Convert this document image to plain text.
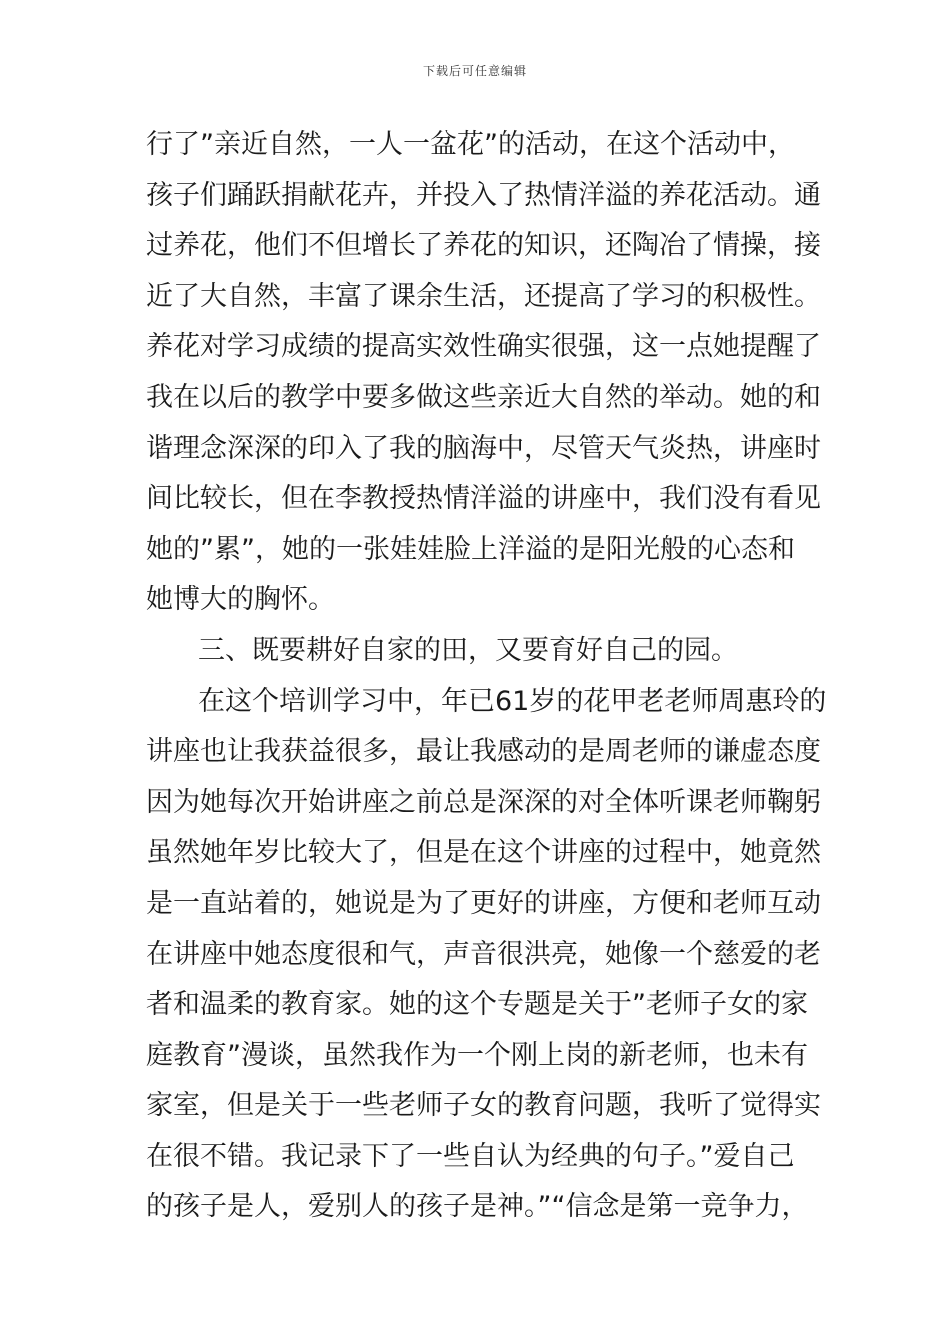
下载后可任意编辑
行了”亲近自然，一人一盆花”的活动，在这个活动中，
孩子们踊跃捐献花卉，并投入了热情洋溢的养花活动。通
过养花，他们不但增长了养花的知识，还陶冶了情操，接
近了大自然，丰富了课余生活，还提高了学习的积极性。
养花对学习成绩的提高实效性确实很强，这一点她提醒了
我在以后的教学中要多做这些亲近大自然的举动。她的和
谐理念深深的印入了我的脑海中，尽管天气炎热，讲座时
间比较长，但在李教授热情洋溢的讲座中，我们没有看见
她的”累”，她的一张娃娃脸上洋溢的是阳光般的心态和
她博大的胸怀。
三、既要耕好自家的田，又要育好自己的园。
在这个培训学习中，年已61岁的花甲老老师周惠玲的
讲座也让我获益很多，最让我感动的是周老师的谦虚态度
因为她每次开始讲座之前总是深深的对全体听课老师鞠躬
虽然她年岁比较大了，但是在这个讲座的过程中，她竟然
是一直站着的，她说是为了更好的讲座，方便和老师互动
在讲座中她态度很和气，声音很洪亮，她像一个慈爱的老
者和温柔的教育家。她的这个专题是关于”老师子女的家
庭教育”漫谈，虽然我作为一个刚上岗的新老师，也未有
家室，但是关于一些老师子女的教育问题，我听了觉得实
在很不错。我记录下了一些自认为经典的句子。”爱自己
的孩子是人，爱别人的孩子是神。”“信念是第一竞争力，
